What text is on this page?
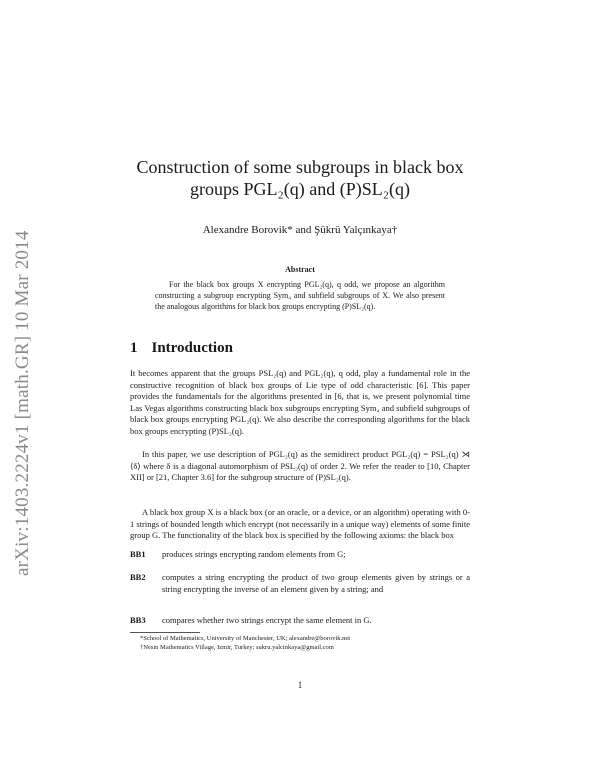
arXiv:1403.2224v1 [math.GR] 10 Mar 2014
Construction of some subgroups in black box
groups PGL₂(q) and (P)SL₂(q)
Alexandre Borovik* and Şükrü Yalçınkaya†
Abstract
For the black box groups X encrypting PGL₂(q), q odd, we propose an algorithm constructing a subgroup encrypting Sym₄ and subfield subgroups of X. We also present the analogous algorithms for black box groups encrypting (P)SL₂(q).
1 Introduction
It becomes apparent that the groups PSL₂(q) and PGL₂(q), q odd, play a fundamental role in the constructive recognition of black box groups of Lie type of odd characteristic [6]. This paper provides the fundamentals for the algorithms presented in [6, that is, we present polynomial time Las Vegas algorithms constructing black box subgroups encrypting Sym₄ and subfield subgroups of black box groups encrypting PGL₂(q). We also describe the corresponding algorithms for the black box groups encrypting (P)SL₂(q).
In this paper, we use description of PGL₂(q) as the semidirect product PGL₂(q) = PSL₂(q) ⋊ ⟨δ⟩ where δ is a diagonal automorphism of PSL₂(q) of order 2. We refer the reader to [10, Chapter XII] or [21, Chapter 3.6] for the subgroup structure of (P)SL₂(q).
A black box group X is a black box (or an oracle, or a device, or an algorithm) operating with 0-1 strings of bounded length which encrypt (not necessarily in a unique way) elements of some finite group G. The functionality of the black box is specified by the following axioms: the black box
BB1	produces strings encrypting random elements from G;
BB2	computes a string encrypting the product of two group elements given by strings or a string encrypting the inverse of an element given by a string; and
BB3	compares whether two strings encrypt the same element in G.
*School of Mathematics, University of Manchester, UK; alexandre@borovik.net
†Nesin Mathematics Village, Izmir, Turkey; sukru.yalcinkaya@gmail.com
1
